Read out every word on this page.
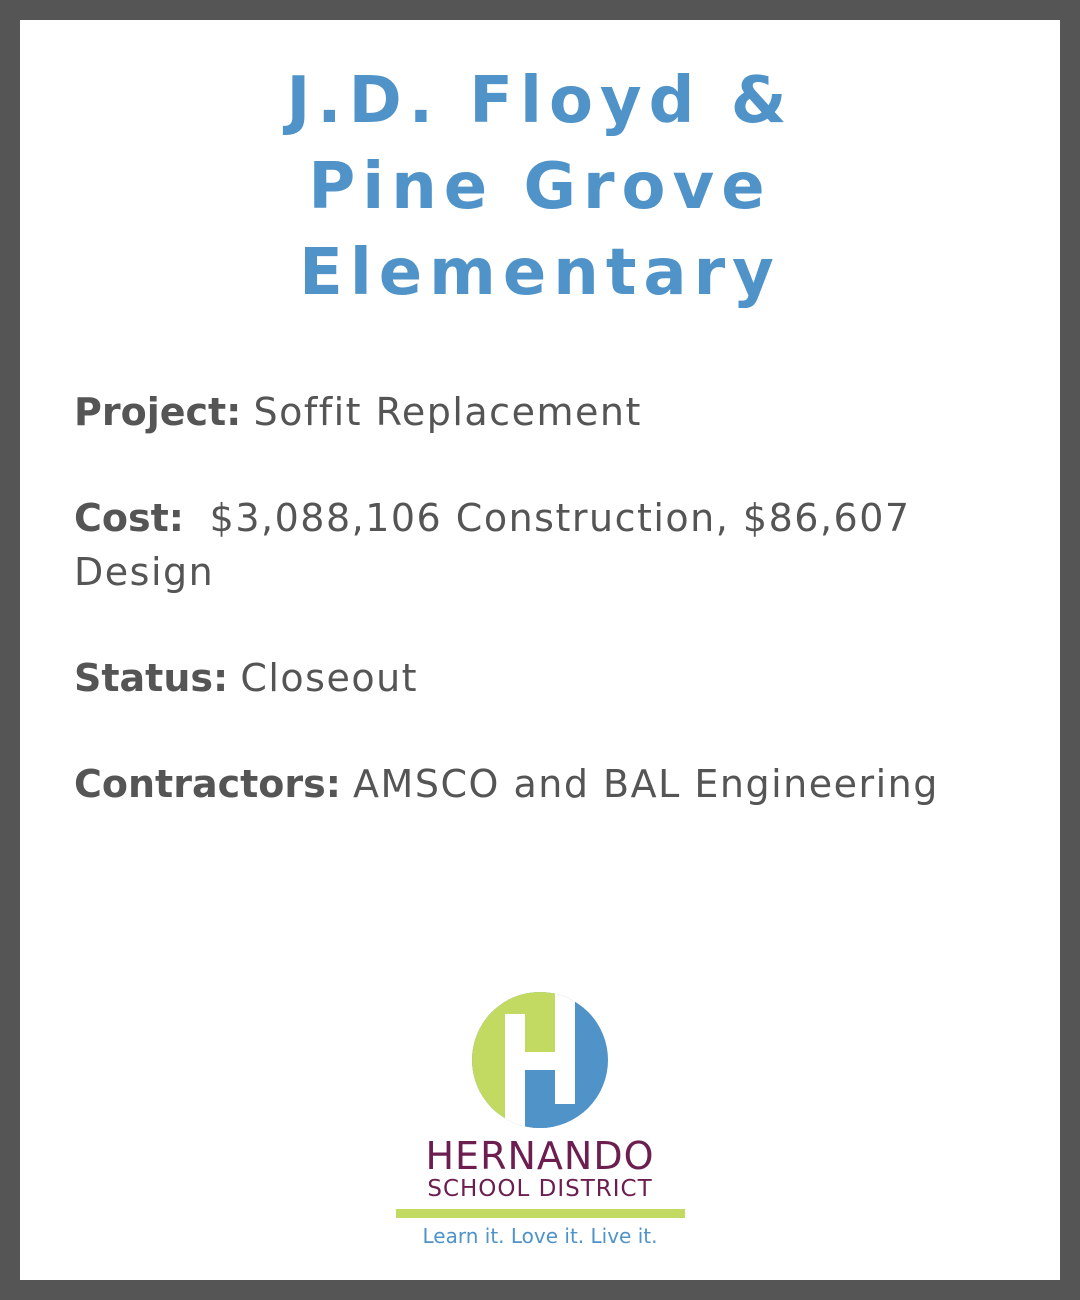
J.D. Floyd &
Pine Grove
Elementary

Project: Soffit Replacement

Cost:  $3,088,106 Construction, $86,607 Design

Status: Closeout

Contractors: AMSCO and BAL Engineering

HERNANDO
SCHOOL DISTRICT
Learn it. Love it. Live it.
